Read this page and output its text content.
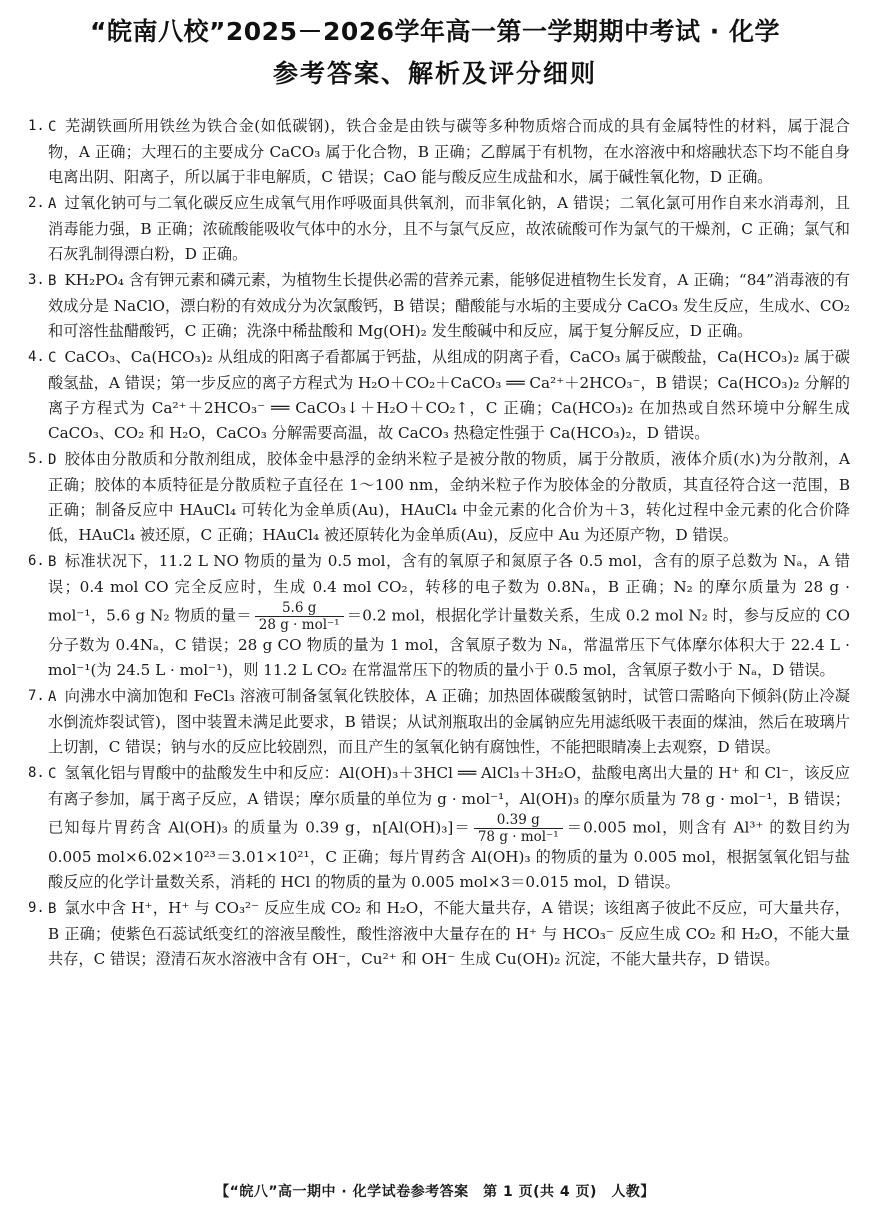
“皖南八校”2025－2026学年高一第一学期期中考试 · 化学
参考答案、解析及评分细则

1. C 芜湖铁画所用铁丝为铁合金(如低碳钢)，铁合金是由铁与碳等多种物质熔合而成的具有金属特性的材料，属于混合物，A 正确；大理石的主要成分 CaCO₃ 属于化合物，B 正确；乙醇属于有机物，在水溶液中和熔融状态下均不能自身电离出阴、阳离子，所以属于非电解质，C 错误；CaO 能与酸反应生成盐和水，属于碱性氧化物，D 正确。

2. A 过氧化钠可与二氧化碳反应生成氧气用作呼吸面具供氧剂，而非氧化钠，A 错误；二氧化氯可用作自来水消毒剂，且消毒能力强，B 正确；浓硫酸能吸收气体中的水分，且不与氯气反应，故浓硫酸可作为氯气的干燥剂，C 正确；氯气和石灰乳制得漂白粉，D 正确。

3. B KH₂PO₄ 含有钾元素和磷元素，为植物生长提供必需的营养元素，能够促进植物生长发育，A 正确；“84”消毒液的有效成分是 NaClO，漂白粉的有效成分为次氯酸钙，B 错误；醋酸能与水垢的主要成分 CaCO₃ 发生反应，生成水、CO₂ 和可溶性盐醋酸钙，C 正确；洗涤中稀盐酸和 Mg(OH)₂ 发生酸碱中和反应，属于复分解反应，D 正确。

4. C CaCO₃、Ca(HCO₃)₂ 从组成的阳离子看都属于钙盐，从组成的阴离子看，CaCO₃ 属于碳酸盐，Ca(HCO₃)₂ 属于碳酸氢盐，A 错误；第一步反应的离子方程式为 H₂O＋CO₂＋CaCO₃ ══ Ca²⁺＋2HCO₃⁻，B 错误；Ca(HCO₃)₂ 分解的离子方程式为 Ca²⁺＋2HCO₃⁻ ══ CaCO₃↓＋H₂O＋CO₂↑，C 正确；Ca(HCO₃)₂ 在加热或自然环境中分解生成 CaCO₃、CO₂ 和 H₂O，CaCO₃ 分解需要高温，故 CaCO₃ 热稳定性强于 Ca(HCO₃)₂，D 错误。

5. D 胶体由分散质和分散剂组成，胶体金中悬浮的金纳米粒子是被分散的物质，属于分散质，液体介质(水)为分散剂，A 正确；胶体的本质特征是分散质粒子直径在 1～100 nm，金纳米粒子作为胶体金的分散质，其直径符合这一范围，B 正确；制备反应中 HAuCl₄ 可转化为金单质(Au)，HAuCl₄ 中金元素的化合价为＋3，转化过程中金元素的化合价降低，HAuCl₄ 被还原，C 正确；HAuCl₄ 被还原转化为金单质(Au)，反应中 Au 为还原产物，D 错误。

6. B 标准状况下，11.2 L NO 物质的量为 0.5 mol，含有的氧原子和氮原子各 0.5 mol，含有的原子总数为 Nₐ，A 错误；0.4 mol CO 完全反应时，生成 0.4 mol CO₂，转移的电子数为 0.8Nₐ，B 正确；N₂ 的摩尔质量为 28 g · mol⁻¹，5.6 g N₂ 物质的量＝ $\frac{5.6 g}{\text{28 g · mol⁻¹}} =0.2$ mol，根据化学计量数关系，生成 0.2 mol N₂ 时，参与反应的 CO 分子数为 0.4Nₐ，C 错误；28 g CO 物质的量为 1 mol，含氧原子数为 Nₐ，常温常压下气体摩尔体积大于 22.4 L · mol⁻¹(为 24.5 L · mol⁻¹)，则 11.2 L CO₂ 在常温常压下的物质的量小于 0.5 mol，含氧原子数小于 Nₐ，D 错误。

7. A 向沸水中滴加饱和 FeCl₃ 溶液可制备氢氧化铁胶体，A 正确；加热固体碳酸氢钠时，试管口需略向下倾斜(防止冷凝水倒流炸裂试管)，图中装置未满足此要求，B 错误；从试剂瓶取出的金属钠应先用滤纸吸干表面的煤油，然后在玻璃片上切割，C 错误；钠与水的反应比较剧烈，而且产生的氢氧化钠有腐蚀性，不能把眼睛凑上去观察，D 错误。

8. C 氢氧化铝与胃酸中的盐酸发生中和反应：Al(OH)₃＋3HCl ══ AlCl₃＋3H₂O，盐酸电离出大量的 H⁺ 和 Cl⁻，该反应有离子参加，属于离子反应，A 错误；摩尔质量的单位为 g · mol⁻¹，Al(OH)₃ 的摩尔质量为 78 g · mol⁻¹，B 错误；已知每片胃药含 Al(OH)₃ 的质量为 0.39 g，$n[Al(OH)_3]= \frac{0.39 g}{\text{78 g · mol⁻¹}} =0.005$ mol，则含有 Al³⁺ 的数目约为 0.005 mol×6.02×10²³＝3.01×10²¹，C 正确；每片胃药含 Al(OH)₃ 的物质的量为 0.005 mol，根据氢氧化铝与盐酸反应的化学计量数关系，消耗的 HCl 的物质的量为 0.005 mol×3＝0.015 mol，D 错误。

9. B 氯水中含 H⁺，H⁺ 与 CO₃²⁻ 反应生成 CO₂ 和 H₂O，不能大量共存，A 错误；该组离子彼此不反应，可大量共存，B 正确；使紫色石蕊试纸变红的溶液呈酸性，酸性溶液中大量存在的 H⁺ 与 HCO₃⁻ 反应生成 CO₂ 和 H₂O，不能大量共存，C 错误；澄清石灰水溶液中含有 OH⁻，Cu²⁺ 和 OH⁻ 生成 Cu(OH)₂ 沉淀，不能大量共存，D 错误。

【“皖八”高一期中 · 化学试卷参考答案　第 1 页(共 4 页)　人教】
